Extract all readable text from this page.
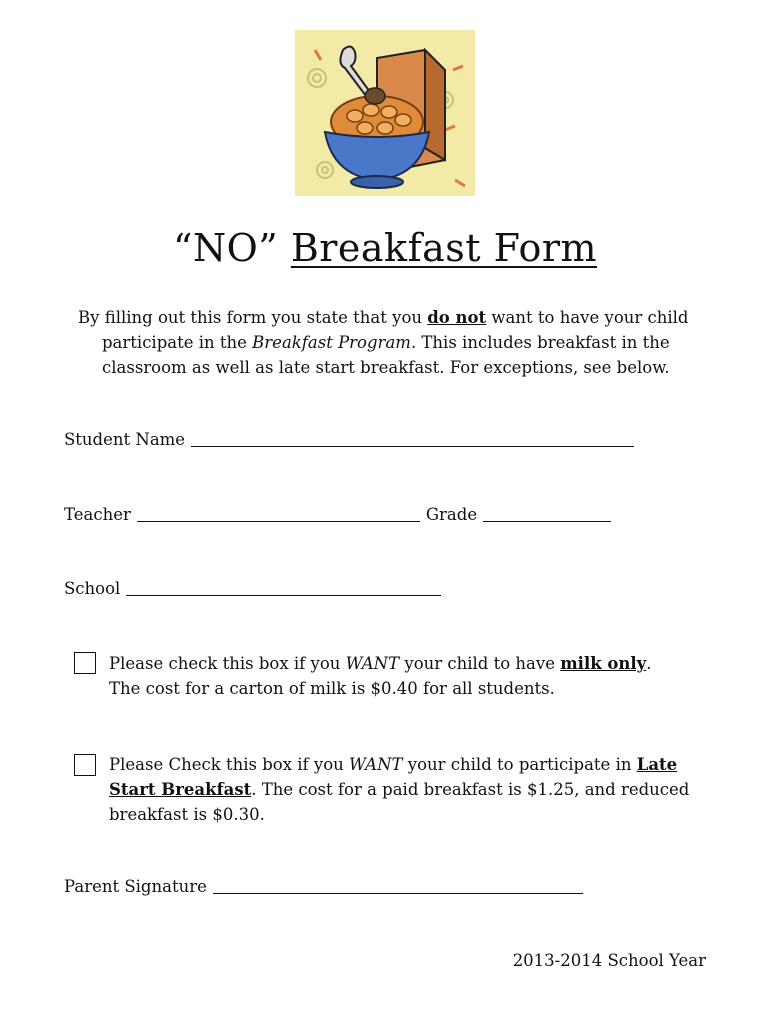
“NO” Breakfast Form
By filling out this form you state that you do not want to have your child
participate in the Breakfast Program. This includes breakfast in the
classroom as well as late start breakfast. For exceptions, see below.
Student Name
Teacher	Grade
School
Please check this box if you WANT your child to have milk only.
The cost for a carton of milk is $0.40 for all students.
Please Check this box if you WANT your child to participate in Late
Start Breakfast. The cost for a paid breakfast is $1.25, and reduced
breakfast is $0.30.
Parent Signature
2013-2014 School Year
